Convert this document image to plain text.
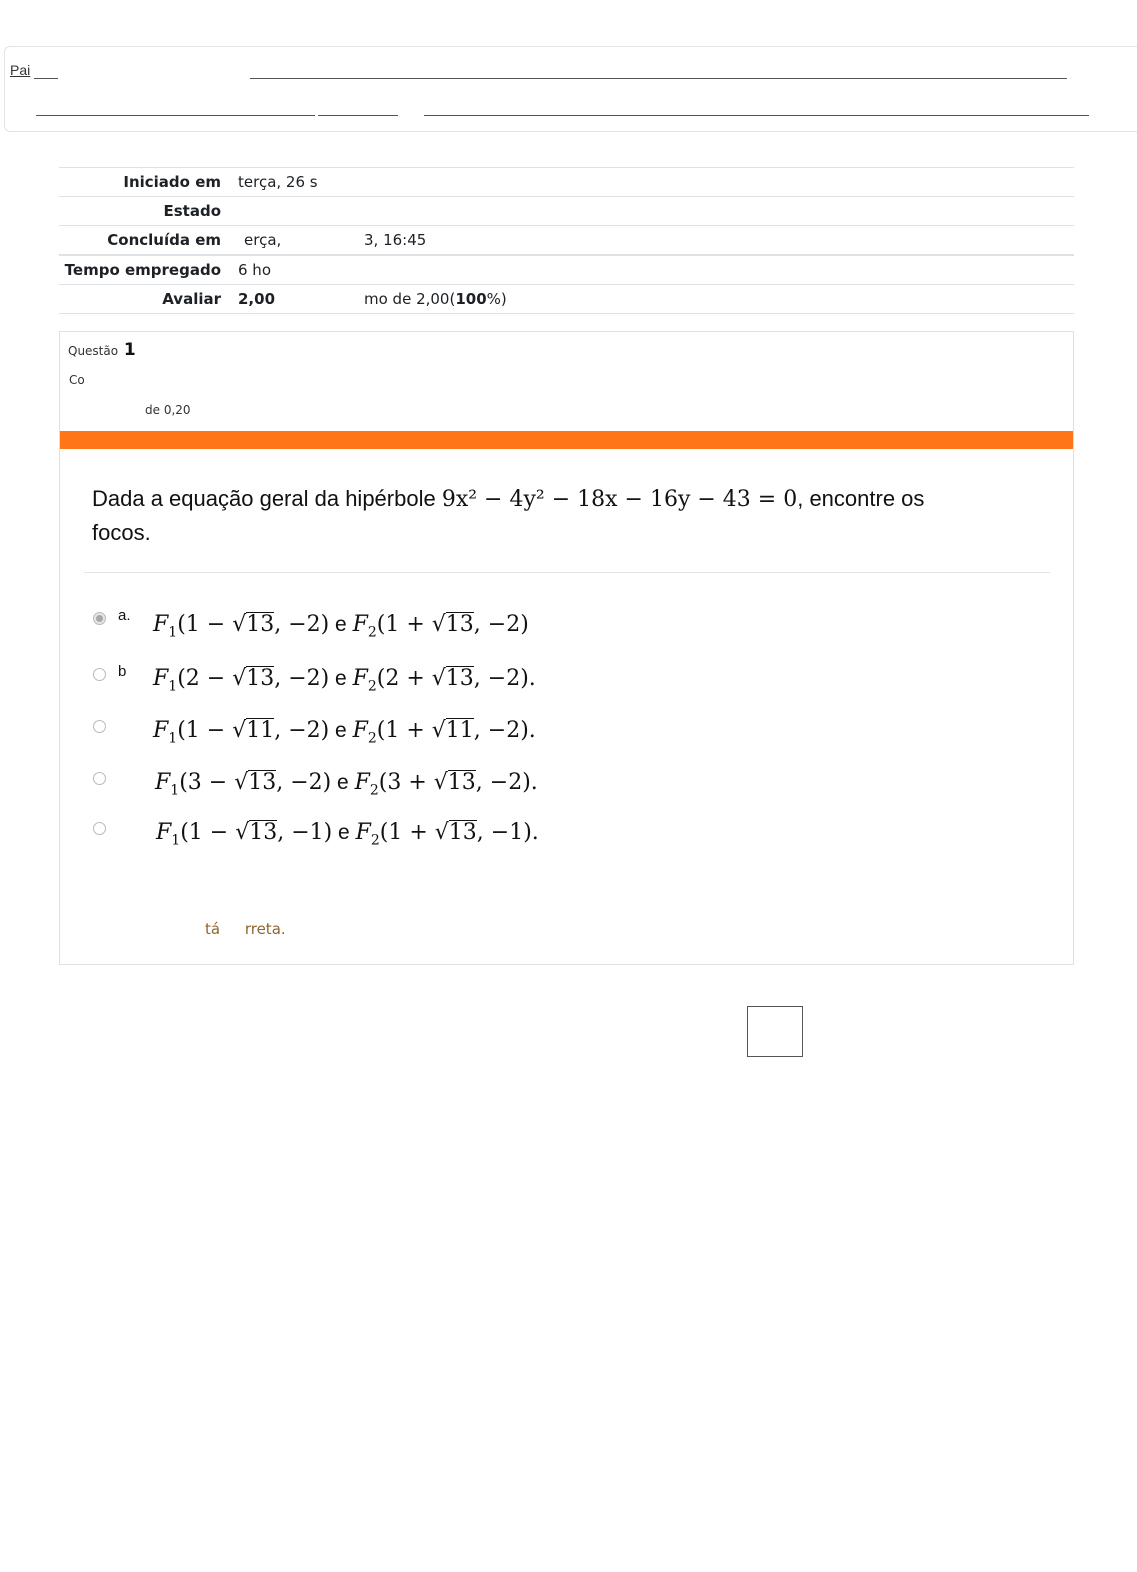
Pai
Iniciado em terça, 26 s
Estado
Concluída em erça,	3, 16:45
Tempo empregado 6 ho
Avaliar 2,00	mo de 2,00(100%)
Questão 1
Co
de 0,20
Dada a equação geral da hipérbole 9x² − 4y² − 18x − 16y − 43 = 0, encontre os focos.
a. $F_1(1 - √13$, −2) e $F_2(1 + √13$, −2)
b $F_1(2 - √13$, −2) e $F_2(2 + √13$, −2).
$F_1(1 - √11$, −2) e $F_2(1 + √11$, −2).
$F_1(3 - √13$, −2) e $F_2(3 + √13$, −2).
$F_1(1 - √13$, −1) e $F_2(1 + √13$, −1).
tá rreta.
